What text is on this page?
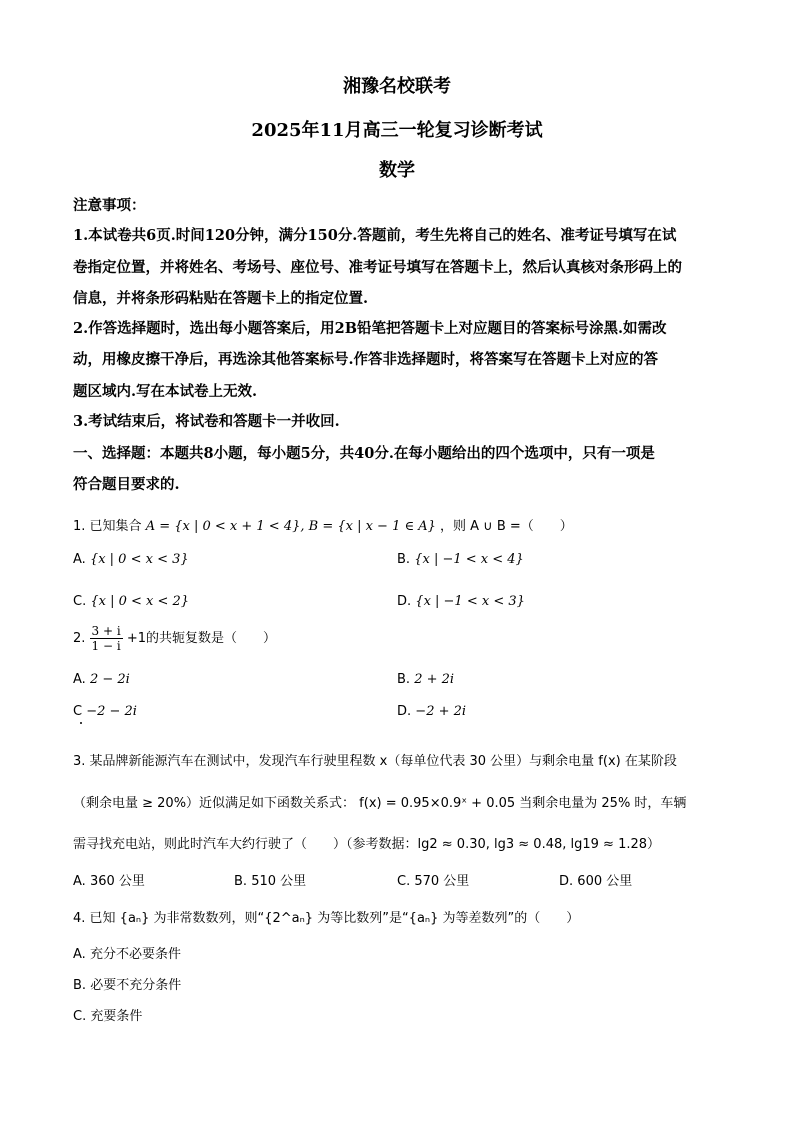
湘豫名校联考
2025年11月高三一轮复习诊断考试
数学
注意事项：
1.本试卷共6页.时间120分钟，满分150分.答题前，考生先将自己的姓名、准考证号填写在试
卷指定位置，并将姓名、考场号、座位号、准考证号填写在答题卡上，然后认真核对条形码上的
信息，并将条形码粘贴在答题卡上的指定位置.
2.作答选择题时，选出每小题答案后，用2B铅笔把答题卡上对应题目的答案标号涂黑.如需改
动，用橡皮擦干净后，再选涂其他答案标号.作答非选择题时，将答案写在答题卡上对应的答
题区域内.写在本试卷上无效.
3.考试结束后，将试卷和答题卡一并收回.
一、选择题：本题共8小题，每小题5分，共40分.在每小题给出的四个选项中，只有一项是
符合题目要求的.
1. 已知集合 A = {x | 0 < x + 1 < 4}, B = {x | x − 1 ∈ A} ，则 A ∪ B =（　　）
A. {x | 0 < x < 3}	B. {x | −1 < x < 4}
C. {x | 0 < x < 2}	D. {x | −1 < x < 3}
2. $\frac{3 + i}{1 - i} +1$的共轭复数是（　　）
A. 2 − 2i	B. 2 + 2i
C −2 − 2i	D. −2 + 2i
3. 某品牌新能源汽车在测试中，发现汽车行驶里程数 x（每单位代表 30 公里）与剩余电量 f(x) 在某阶段
（剩余电量 ≥ 20%）近似满足如下函数关系式： f(x) = 0.95×0.9ˣ + 0.05 当剩余电量为 25% 时，车辆
需寻找充电站，则此时汽车大约行驶了（　　）（参考数据：lg2 ≈ 0.30, lg3 ≈ 0.48, lg19 ≈ 1.28）
A. 360 公里	B. 510 公里	C. 570 公里	D. 600 公里
4. 已知 {aₙ} 为非常数数列，则“{2^aₙ} 为等比数列”是“{aₙ} 为等差数列”的（　　）
A. 充分不必要条件
B. 必要不充分条件
C. 充要条件
